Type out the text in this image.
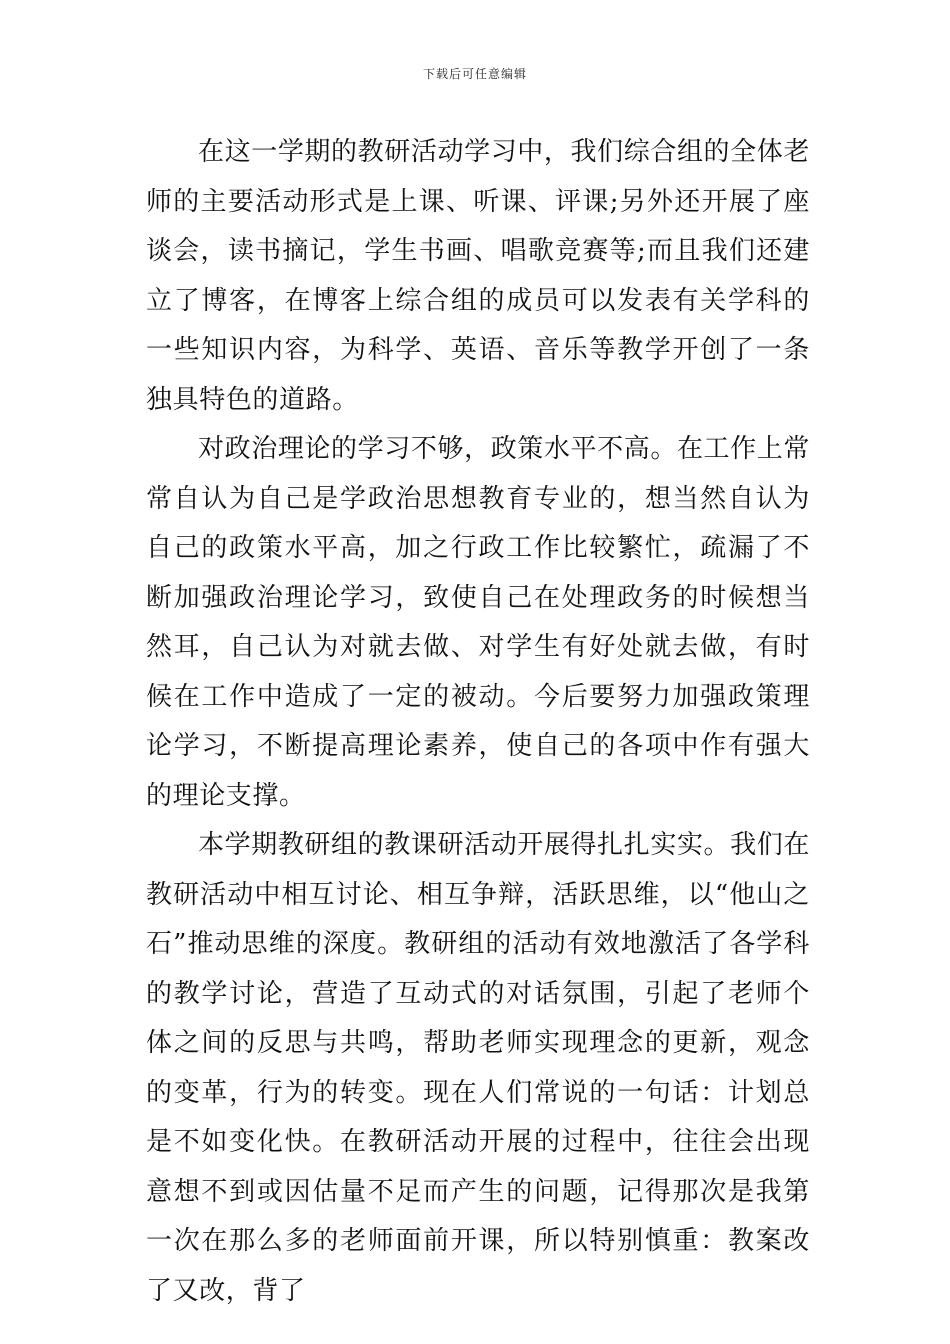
下载后可任意编辑

在这一学期的教研活动学习中，我们综合组的全体老师的主要活动形式是上课、听课、评课;另外还开展了座谈会，读书摘记，学生书画、唱歌竞赛等;而且我们还建立了博客，在博客上综合组的成员可以发表有关学科的一些知识内容，为科学、英语、音乐等教学开创了一条独具特色的道路。

对政治理论的学习不够，政策水平不高。在工作上常常自认为自己是学政治思想教育专业的，想当然自认为自己的政策水平高，加之行政工作比较繁忙，疏漏了不断加强政治理论学习，致使自己在处理政务的时候想当然耳，自己认为对就去做、对学生有好处就去做，有时候在工作中造成了一定的被动。今后要努力加强政策理论学习，不断提高理论素养，使自己的各项中作有强大的理论支撑。

本学期教研组的教课研活动开展得扎扎实实。我们在教研活动中相互讨论、相互争辩，活跃思维，以“他山之石”推动思维的深度。教研组的活动有效地激活了各学科的教学讨论，营造了互动式的对话氛围，引起了老师个体之间的反思与共鸣，帮助老师实现理念的更新，观念的变革，行为的转变。现在人们常说的一句话：计划总是不如变化快。在教研活动开展的过程中，往往会出现意想不到或因估量不足而产生的问题，记得那次是我第一次在那么多的老师面前开课，所以特别慎重：教案改了又改，背了
